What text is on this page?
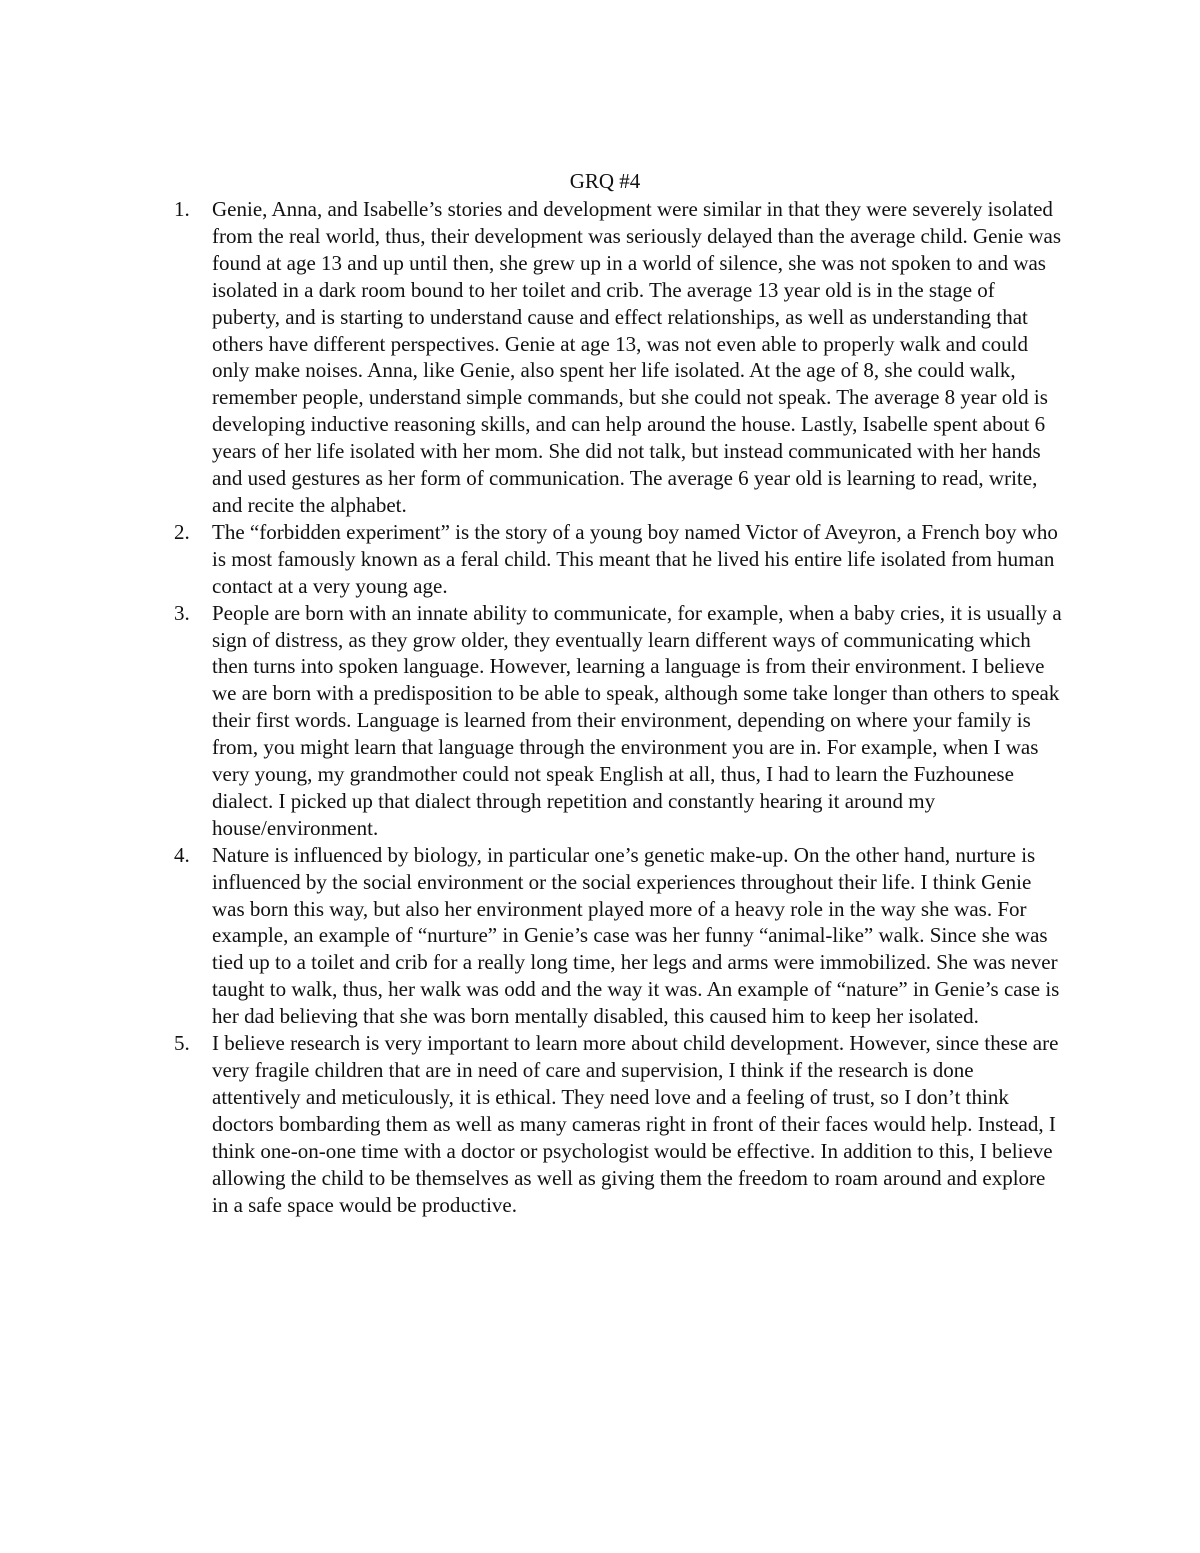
GRQ #4
1.	Genie, Anna, and Isabelle’s stories and development were similar in that they were severely isolated from the real world, thus, their development was seriously delayed than the average child. Genie was found at age 13 and up until then, she grew up in a world of silence, she was not spoken to and was isolated in a dark room bound to her toilet and crib. The average 13 year old is in the stage of puberty, and is starting to understand cause and effect relationships, as well as understanding that others have different perspectives. Genie at age 13, was not even able to properly walk and could only make noises. Anna, like Genie, also spent her life isolated. At the age of 8, she could walk, remember people, understand simple commands, but she could not speak. The average 8 year old is developing inductive reasoning skills, and can help around the house. Lastly, Isabelle spent about 6 years of her life isolated with her mom. She did not talk, but instead communicated with her hands and used gestures as her form of communication. The average 6 year old is learning to read, write, and recite the alphabet.
2.	The “forbidden experiment” is the story of a young boy named Victor of Aveyron, a French boy who is most famously known as a feral child. This meant that he lived his entire life isolated from human contact at a very young age.
3.	People are born with an innate ability to communicate, for example, when a baby cries, it is usually a sign of distress, as they grow older, they eventually learn different ways of communicating which then turns into spoken language. However, learning a language is from their environment. I believe we are born with a predisposition to be able to speak, although some take longer than others to speak their first words. Language is learned from their environment, depending on where your family is from, you might learn that language through the environment you are in. For example, when I was very young, my grandmother could not speak English at all, thus, I had to learn the Fuzhounese dialect. I picked up that dialect through repetition and constantly hearing it around my house/environment.
4.	Nature is influenced by biology, in particular one’s genetic make-up. On the other hand, nurture is influenced by the social environment or the social experiences throughout their life. I think Genie was born this way, but also her environment played more of a heavy role in the way she was. For example, an example of “nurture” in Genie’s case was her funny “animal-like” walk. Since she was tied up to a toilet and crib for a really long time, her legs and arms were immobilized. She was never taught to walk, thus, her walk was odd and the way it was. An example of “nature” in Genie’s case is her dad believing that she was born mentally disabled, this caused him to keep her isolated.
5.	I believe research is very important to learn more about child development. However, since these are very fragile children that are in need of care and supervision, I think if the research is done attentively and meticulously, it is ethical. They need love and a feeling of trust, so I don’t think doctors bombarding them as well as many cameras right in front of their faces would help. Instead, I think one-on-one time with a doctor or psychologist would be effective. In addition to this, I believe allowing the child to be themselves as well as giving them the freedom to roam around and explore in a safe space would be productive.
